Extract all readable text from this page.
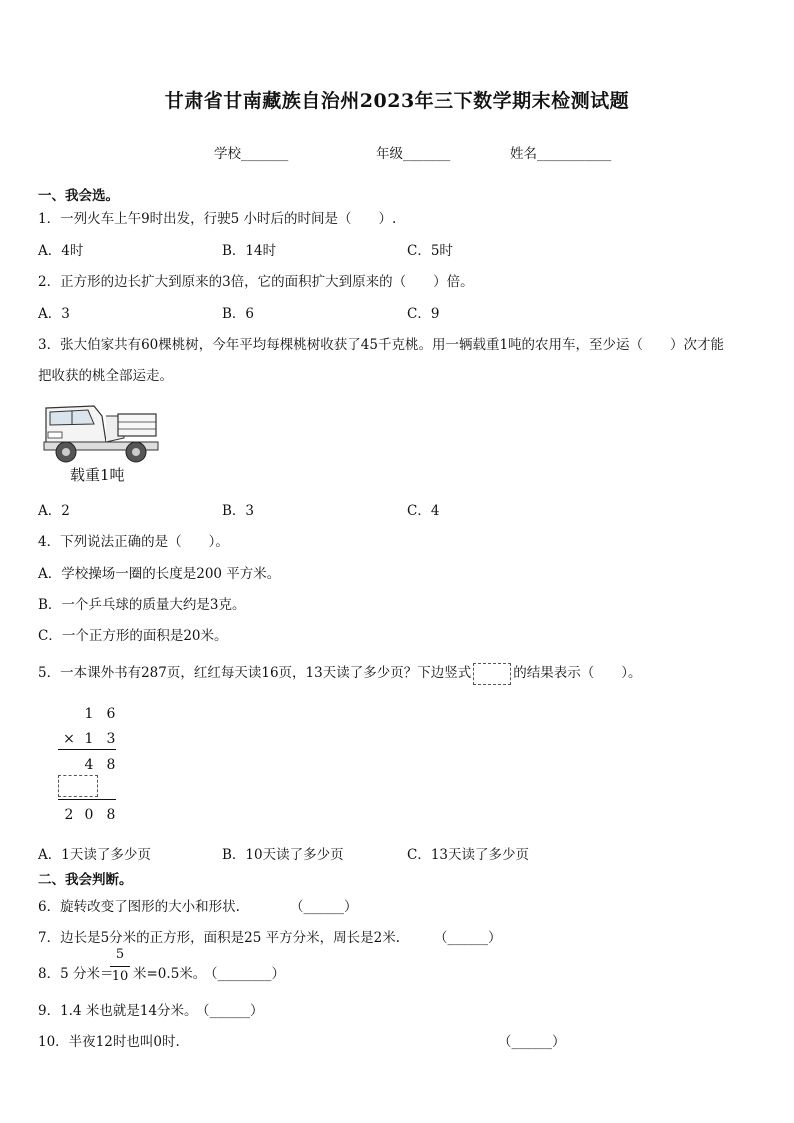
甘肃省甘南藏族自治州2023年三下数学期末检测试题
学校_______	年级_______	姓名___________
一、我会选。
1．一列火车上午9时出发，行驶5 小时后的时间是（　　）.
A．4时	B．14时	C．5时
2．正方形的边长扩大到原来的3倍，它的面积扩大到原来的（　　）倍。
A．3	B．6	C．9
3．张大伯家共有60棵桃树，今年平均每棵桃树收获了45千克桃。用一辆载重1吨的农用车，至少运（　　）次才能
把收获的桃全部运走。
载重1吨
A．2	B．3	C．4
4．下列说法正确的是（　　）。
A．学校操场一圈的长度是200 平方米。
B．一个乒乓球的质量大约是3克。
C．一个正方形的面积是20米。
5．一本课外书有287页，红红每天读16页，13天读了多少页？下边竖式	的结果表示（　　）。
1 6
× 1 3
4 8
2 0 8
A．1天读了多少页	B．10天读了多少页	C．13天读了多少页
二、我会判断。
6．旋转改变了图形的大小和形状.	（______）
7．边长是5分米的正方形，面积是25 平方分米，周长是2米.	（______）
8．5 分米＝
5
10 米=0.5米。
（________）
9．1.4 米也就是14分米。
（______）
10．半夜12时也叫0时.	（______）
